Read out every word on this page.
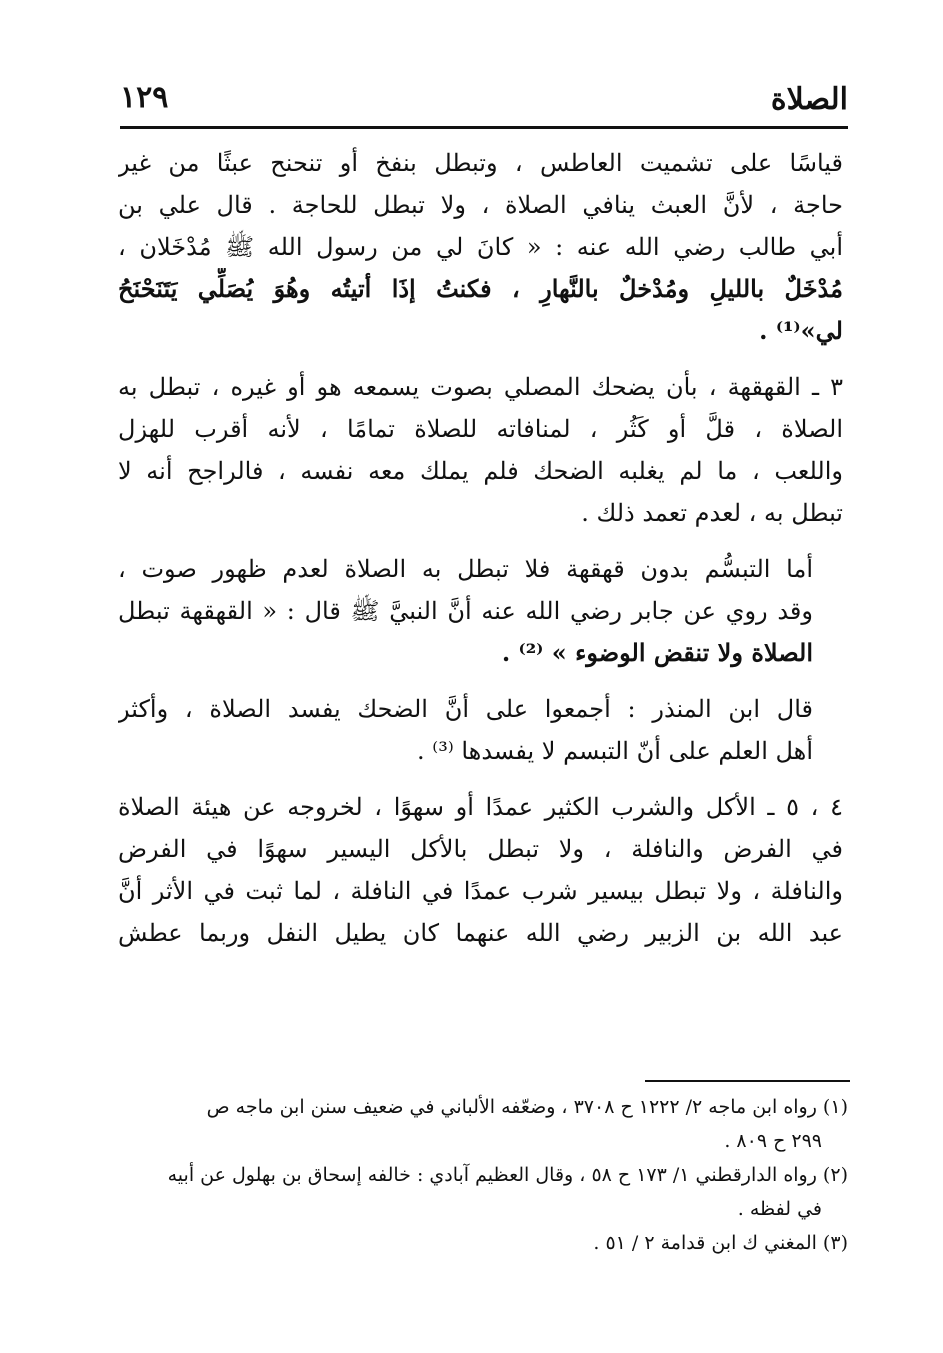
الصلاة
١٢٩
قياسًا على تشميت العاطس ، وتبطل بنفخ أو تنحنح عبثًا من غير
حاجة ، لأنَّ العبث ينافي الصلاة ، ولا تبطل للحاجة . قال علي بن
أبي طالب رضي الله عنه : « كانَ لي من رسول الله ﷺ مُدْخَلان ،
مُدْخَلٌ بالليلِ ومُدْخلٌ بالنَّهارِ ، فكنتُ إذَا أتيتُه وهُوَ يُصَلِّي يَتَنَحْنَحُ
لي»⁽¹⁾ .
٣ ـ القهقهة ، بأن يضحك المصلي بصوت يسمعه هو أو غيره ، تبطل به
الصلاة ، قلَّ أو كَثُر ، لمنافاته للصلاة تمامًا ، لأنه أقرب للهزل
واللعب ، ما لم يغلبه الضحك فلم يملك معه نفسه ، فالراجح أنه لا
تبطل به ، لعدم تعمد ذلك .
أما التبسُّم بدون قهقهة فلا تبطل به الصلاة لعدم ظهور صوت ،
وقد روي عن جابر رضي الله عنه أنَّ النبيَّ ﷺ قال : « القهقهة تبطل
الصلاة ولا تنقض الوضوء » ⁽²⁾ .
قال ابن المنذر : أجمعوا على أنَّ الضحك يفسد الصلاة ، وأكثر
أهل العلم على أنّ التبسم لا يفسدها ⁽³⁾ .
٤ ، ٥ ـ الأكل والشرب الكثير عمدًا أو سهوًا ، لخروجه عن هيئة الصلاة
في الفرض والنافلة ، ولا تبطل بالأكل اليسير سهوًا في الفرض
والنافلة ، ولا تبطل بيسير شرب عمدًا في النافلة ، لما ثبت في الأثر أنَّ
عبد الله بن الزبير رضي الله عنهما كان يطيل النفل وربما عطش
(١) رواه ابن ماجه ٢/ ١٢٢٢ ح ٣٧٠٨ ، وضعّفه الألباني في ضعيف سنن ابن ماجه ص
٢٩٩ ح ٨٠٩ .
(٢) رواه الدارقطني ١/ ١٧٣ ح ٥٨ ، وقال العظيم آبادي : خالفه إسحاق بن بهلول عن أبيه
في لفظه .
(٣) المغني ك ابن قدامة ٢ / ٥١ .
